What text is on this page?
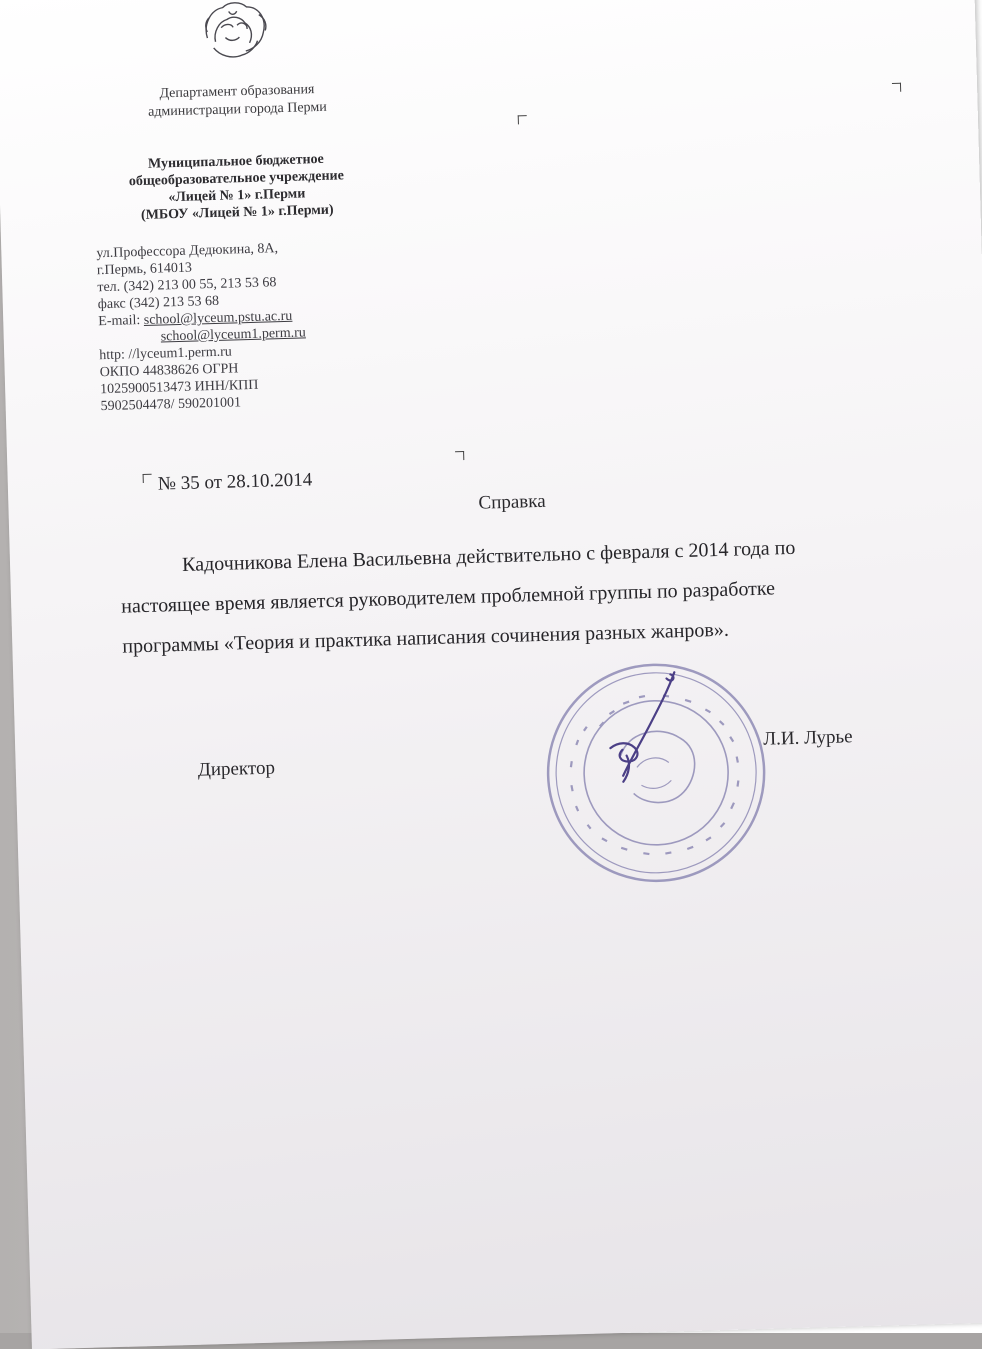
Департамент образования
администрации города Перми
Муниципальное бюджетное
общеобразовательное учреждение
«Лицей № 1» г.Перми
(МБОУ «Лицей № 1» г.Перми)
ул.Профессора Дедюкина, 8А,
г.Пермь, 614013
тел. (342) 213 00 55, 213 53 68
факс (342) 213 53 68
E-mail: school@lyceum.pstu.ac.ru
school@lyceum1.perm.ru
http: //lyceum1.perm.ru
ОКПО 44838626 ОГРН
1025900513473 ИНН/КПП
5902504478/ 590201001
№ 35 от 28.10.2014
Справка
Кадочникова Елена Васильевна действительно с февраля с 2014 года по
настоящее время является руководителем проблемной группы по разработке
программы «Теория и практика написания сочинения разных жанров».
Директор
Л.И. Лурье
